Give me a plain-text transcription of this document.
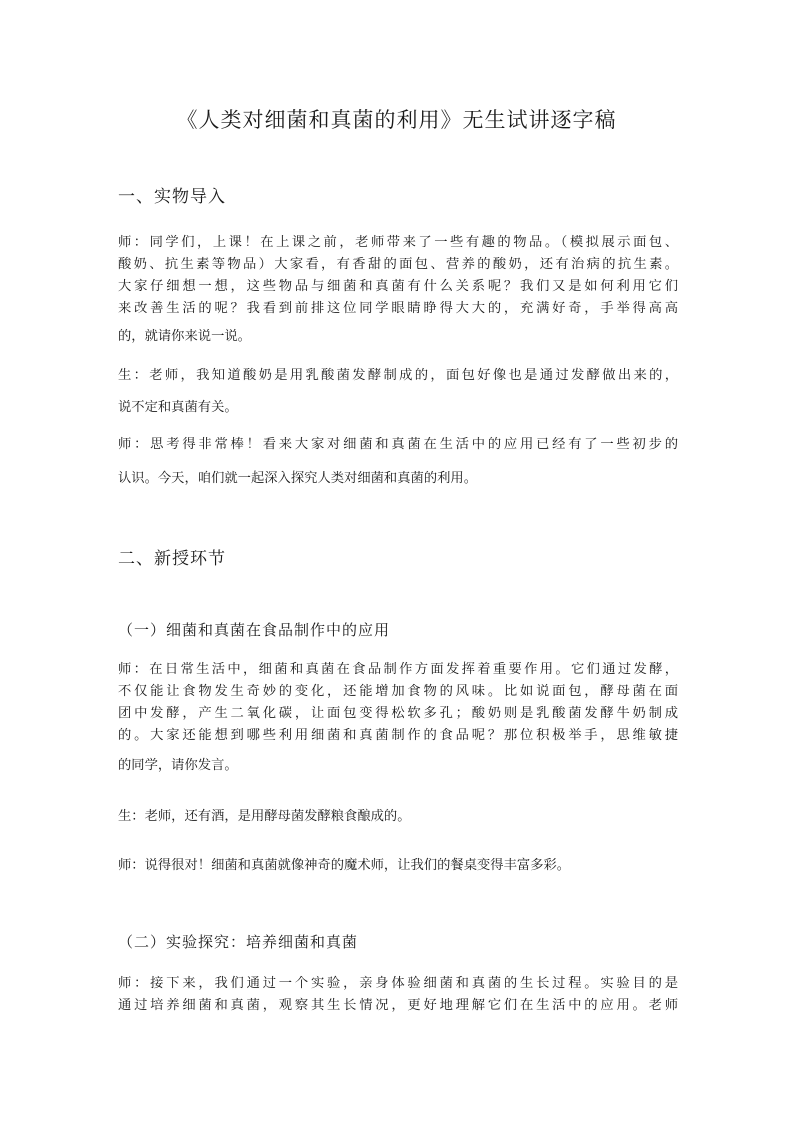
《人类对细菌和真菌的利用》无生试讲逐字稿
一、实物导入

师：同学们，上课！在上课之前，老师带来了一些有趣的物品。（模拟展示面包、
酸奶、抗生素等物品）大家看，有香甜的面包、营养的酸奶，还有治病的抗生素。
大家仔细想一想，这些物品与细菌和真菌有什么关系呢？我们又是如何利用它们
来改善生活的呢？我看到前排这位同学眼睛睁得大大的，充满好奇，手举得高高
的，就请你来说一说。

生：老师，我知道酸奶是用乳酸菌发酵制成的，面包好像也是通过发酵做出来的，
说不定和真菌有关。

师：思考得非常棒！看来大家对细菌和真菌在生活中的应用已经有了一些初步的
认识。今天，咱们就一起深入探究人类对细菌和真菌的利用。

二、新授环节
（一）细菌和真菌在食品制作中的应用

师：在日常生活中，细菌和真菌在食品制作方面发挥着重要作用。它们通过发酵，
不仅能让食物发生奇妙的变化，还能增加食物的风味。比如说面包，酵母菌在面
团中发酵，产生二氧化碳，让面包变得松软多孔；酸奶则是乳酸菌发酵牛奶制成
的。大家还能想到哪些利用细菌和真菌制作的食品呢？那位积极举手，思维敏捷
的同学，请你发言。

生：老师，还有酒，是用酵母菌发酵粮食酿成的。

师：说得很对！细菌和真菌就像神奇的魔术师，让我们的餐桌变得丰富多彩。

（二）实验探究：培养细菌和真菌

师：接下来，我们通过一个实验，亲身体验细菌和真菌的生长过程。实验目的是
通过培养细菌和真菌，观察其生长情况，更好地理解它们在生活中的应用。老师
